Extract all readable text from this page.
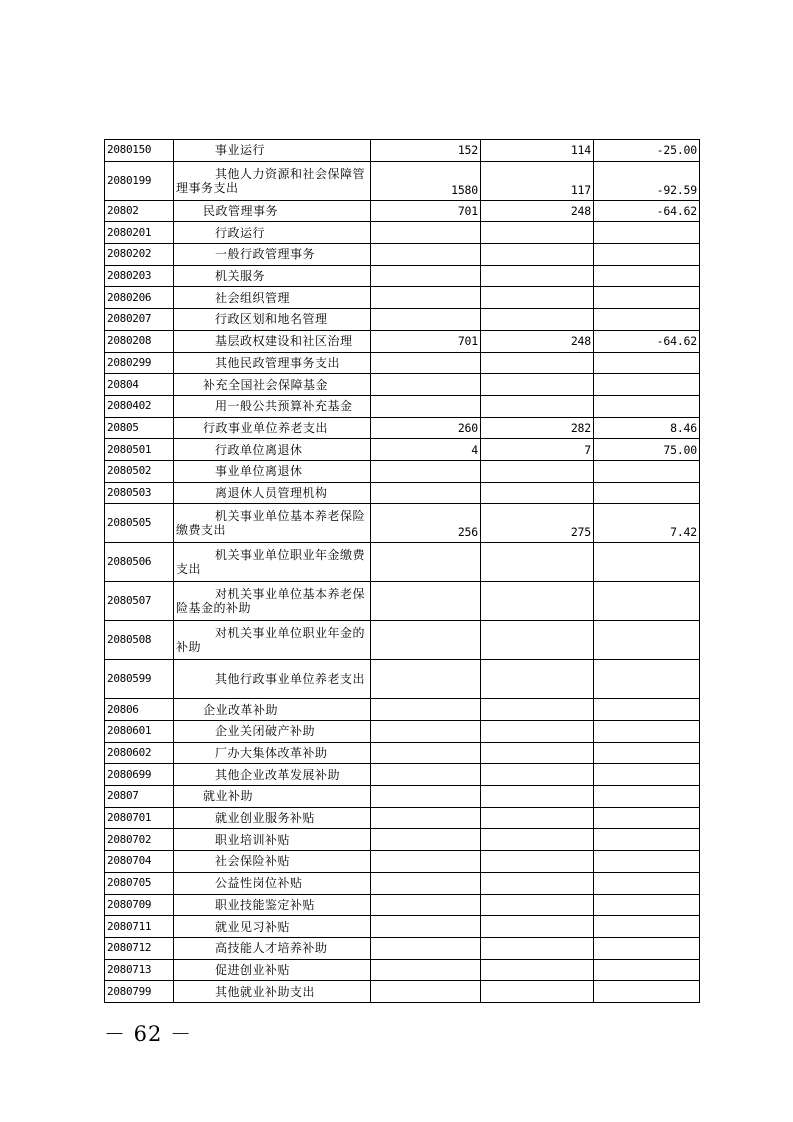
2080150	事业运行	152	114	-25.00
2080199	其他人力资源和社会保障管理事务支出	1580	117	-92.59
20802	民政管理事务	701	248	-64.62
2080201	行政运行			
2080202	一般行政管理事务			
2080203	机关服务			
2080206	社会组织管理			
2080207	行政区划和地名管理			
2080208	基层政权建设和社区治理	701	248	-64.62
2080299	其他民政管理事务支出			
20804	补充全国社会保障基金			
2080402	用一般公共预算补充基金			
20805	行政事业单位养老支出	260	282	8.46
2080501	行政单位离退休	4	7	75.00
2080502	事业单位离退休			
2080503	离退休人员管理机构			
2080505	机关事业单位基本养老保险缴费支出	256	275	7.42
2080506	机关事业单位职业年金缴费支出			
2080507	对机关事业单位基本养老保险基金的补助			
2080508	对机关事业单位职业年金的补助			
2080599	其他行政事业单位养老支出			
20806	企业改革补助			
2080601	企业关闭破产补助			
2080602	厂办大集体改革补助			
2080699	其他企业改革发展补助			
20807	就业补助			
2080701	就业创业服务补贴			
2080702	职业培训补贴			
2080704	社会保险补贴			
2080705	公益性岗位补贴			
2080709	职业技能鉴定补贴			
2080711	就业见习补贴			
2080712	高技能人才培养补助			
2080713	促进创业补贴			
2080799	其他就业补助支出			
－ 62 －
